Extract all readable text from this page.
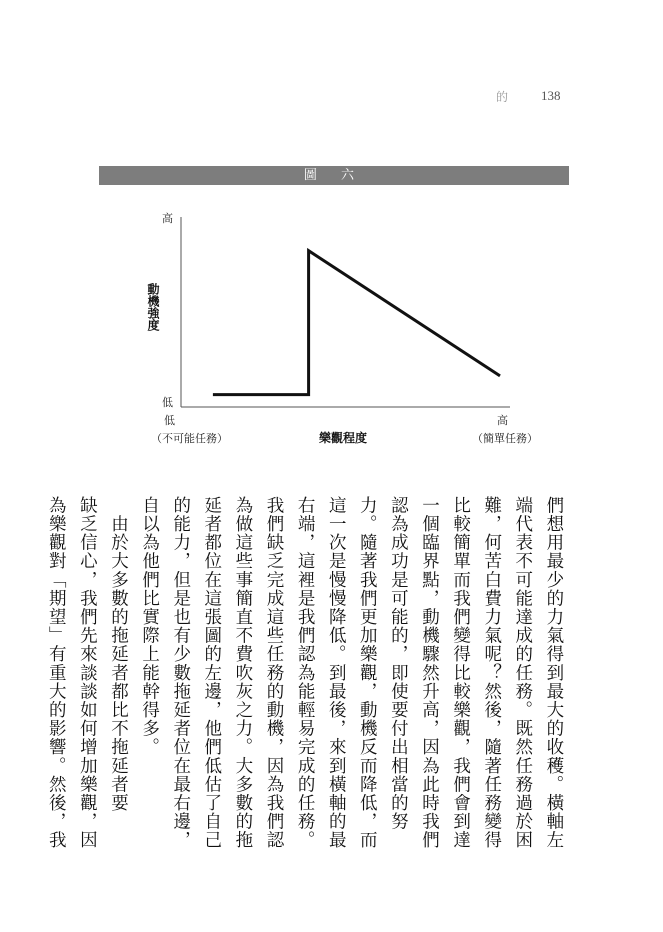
的	138
圖 六
高
低
動機強度
低
（不可能任務）
高
（簡單任務）
樂觀程度
們想用最少的力氣得到最大的收穫。橫軸左
端代表不可能達成的任務。既然任務過於困
難，何苦白費力氣呢？然後，隨著任務變得
比較簡單而我們變得比較樂觀，我們會到達
一個臨界點，動機驟然升高，因為此時我們
認為成功是可能的，即使要付出相當的努
力。隨著我們更加樂觀，動機反而降低，而
這一次是慢慢降低。到最後，來到橫軸的最
右端，這裡是我們認為能輕易完成的任務。
我們缺乏完成這些任務的動機，因為我們認
為做這些事簡直不費吹灰之力。大多數的拖
延者都位在這張圖的左邊，他們低估了自己
的能力，但是也有少數拖延者位在最右邊，
自以為他們比實際上能幹得多。
　由於大多數的拖延者都比不拖延者要
缺乏信心，我們先來談談如何增加樂觀，因
為樂觀對「期望」有重大的影響。然後，我
